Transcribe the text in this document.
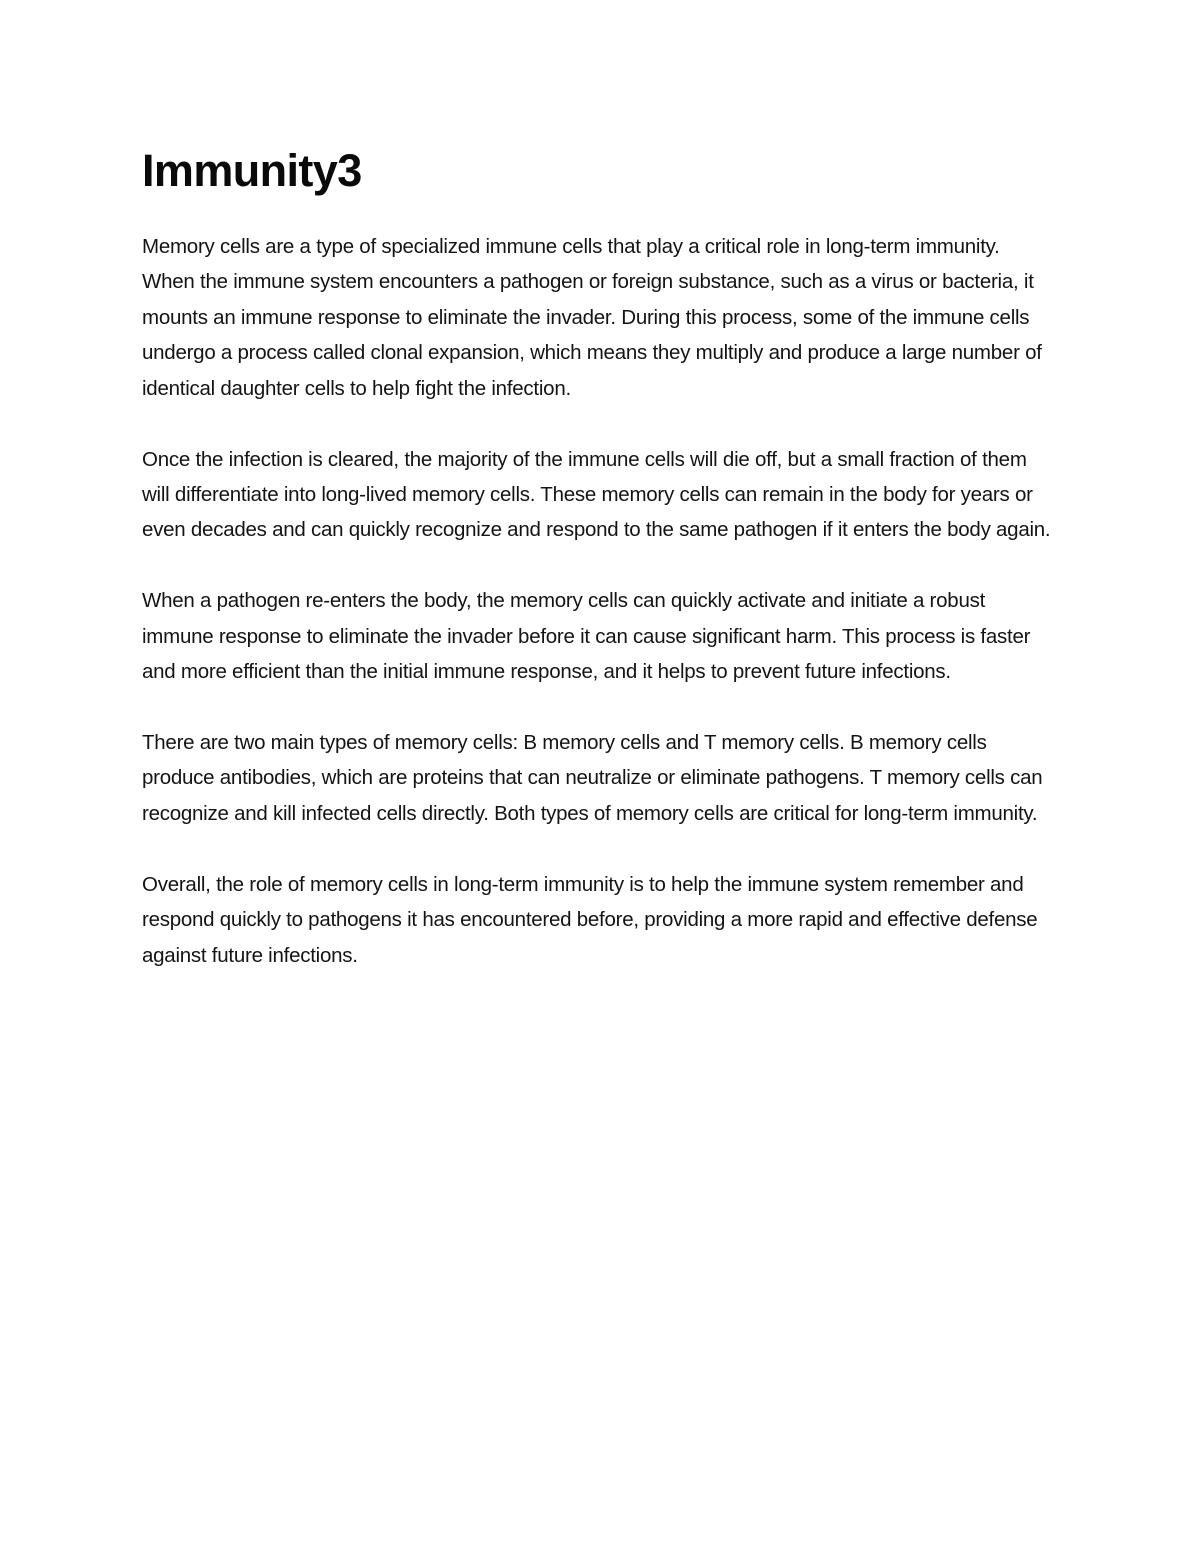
Immunity3

Memory cells are a type of specialized immune cells that play a critical role in long-term immunity. When the immune system encounters a pathogen or foreign substance, such as a virus or bacteria, it mounts an immune response to eliminate the invader. During this process, some of the immune cells undergo a process called clonal expansion, which means they multiply and produce a large number of identical daughter cells to help fight the infection.

Once the infection is cleared, the majority of the immune cells will die off, but a small fraction of them will differentiate into long-lived memory cells. These memory cells can remain in the body for years or even decades and can quickly recognize and respond to the same pathogen if it enters the body again.

When a pathogen re-enters the body, the memory cells can quickly activate and initiate a robust immune response to eliminate the invader before it can cause significant harm. This process is faster and more efficient than the initial immune response, and it helps to prevent future infections.

There are two main types of memory cells: B memory cells and T memory cells. B memory cells produce antibodies, which are proteins that can neutralize or eliminate pathogens. T memory cells can recognize and kill infected cells directly. Both types of memory cells are critical for long-term immunity.

Overall, the role of memory cells in long-term immunity is to help the immune system remember and respond quickly to pathogens it has encountered before, providing a more rapid and effective defense against future infections.
